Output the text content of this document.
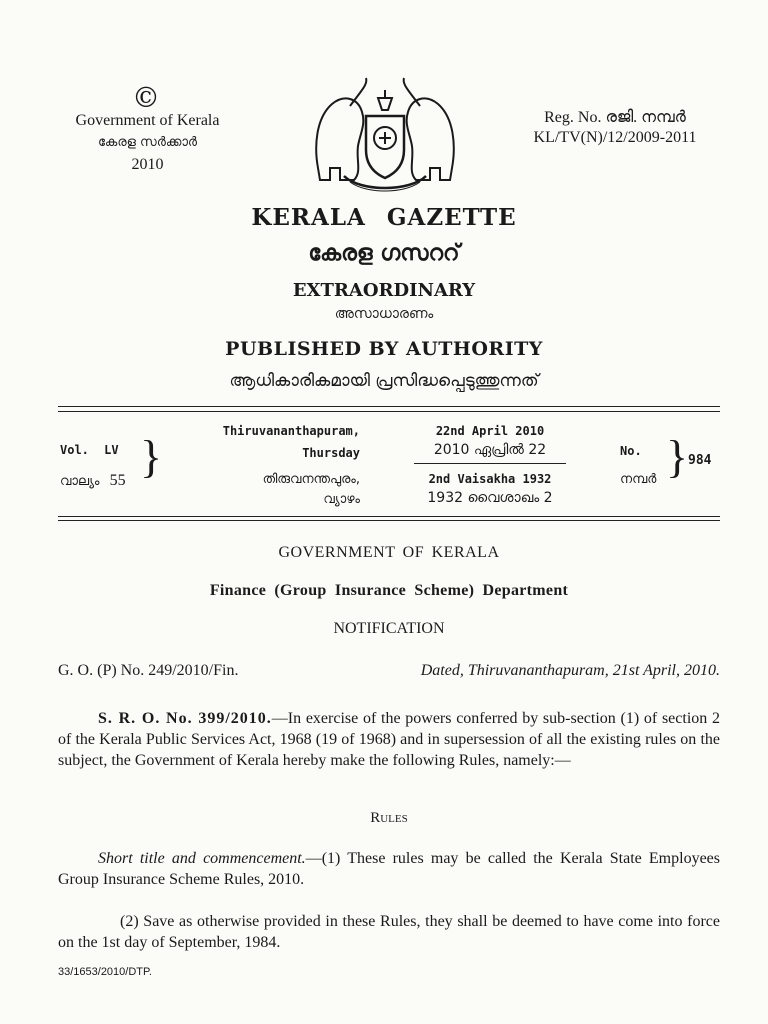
©
Government of Kerala
കേരള സർക്കാർ
2010
Reg. No. രജി. നമ്പർ
KL/TV(N)/12/2009-2011
KERALA GAZETTE
കേരള ഗസററ്
EXTRAORDINARY
അസാധാരണം
PUBLISHED BY AUTHORITY
ആധികാരികമായി പ്രസിദ്ധപ്പെടുത്തുന്നത്
Vol. LV
വാല്യം 55 }	Thiruvananthapuram,
Thursday
തിരുവനന്തപുരം,
വ്യാഴം
22nd April 2010
2010 ഏപ്രിൽ 22
2nd Vaisakha 1932
1932 വൈശാഖം 2
No.
നമ്പർ } 984
GOVERNMENT OF KERALA
Finance (Group Insurance Scheme) Department
NOTIFICATION
G. O. (P) No. 249/2010/Fin.	Dated, Thiruvananthapuram, 21st April, 2010.
S. R. O. No. 399/2010.—In exercise of the powers conferred by sub-section (1) of section 2 of the Kerala Public Services Act, 1968 (19 of 1968) and in supersession of all the existing rules on the subject, the Government of Kerala hereby make the following Rules, namely:—
Rules
Short title and commencement.—(1) These rules may be called the Kerala State Employees Group Insurance Scheme Rules, 2010.
(2) Save as otherwise provided in these Rules, they shall be deemed to have come into force on the 1st day of September, 1984.
33/1653/2010/DTP.
